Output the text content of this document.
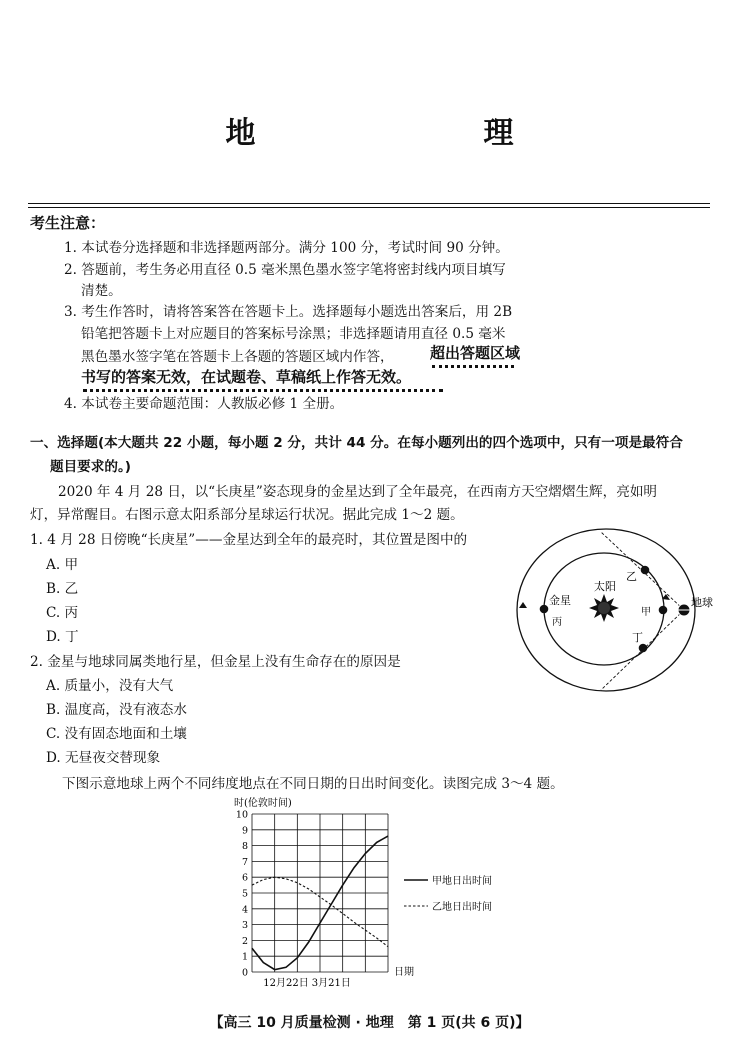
地　　理
考生注意：
1. 本试卷分选择题和非选择题两部分。满分 100 分，考试时间 90 分钟。
2. 答题前，考生务必用直径 0.5 毫米黑色墨水签字笔将密封线内项目填写
清楚。
3. 考生作答时，请将答案答在答题卡上。选择题每小题选出答案后，用 2B
铅笔把答题卡上对应题目的答案标号涂黑；非选择题请用直径 0.5 毫米
黑色墨水签字笔在答题卡上各题的答题区域内作答， 超出答题区域
书写的答案无效，在试题卷、草稿纸上作答无效。
4. 本试卷主要命题范围：人教版必修 1 全册。
一、选择题(本大题共 22 小题，每小题 2 分，共计 44 分。在每小题列出的四个选项中，只有一项是最符合
题目要求的。)
2020 年 4 月 28 日，以“长庚星”姿态现身的金星达到了全年最亮，在西南方天空熠熠生辉，亮如明
灯，异常醒目。右图示意太阳系部分星球运行状况。据此完成 1～2 题。
1. 4 月 28 日傍晚“长庚星”——金星达到全年的最亮时，其位置是图中的
A. 甲
B. 乙
C. 丙
D. 丁
2. 金星与地球同属类地行星，但金星上没有生命存在的原因是
A. 质量小，没有大气
B. 温度高，没有液态水
C. 没有固态地面和土壤
D. 无昼夜交替现象
下图示意地球上两个不同纬度地点在不同日期的日出时间变化。读图完成 3～4 题。
太阳
金星
丙
乙
甲
丁
地球
0
1
2
3
4
5
6
7
8
9
10
时(伦敦时间)
日期
12月22日 3月21日
甲地日出时间
乙地日出时间
【高三 10 月质量检测 · 地理　第 1 页(共 6 页)】
